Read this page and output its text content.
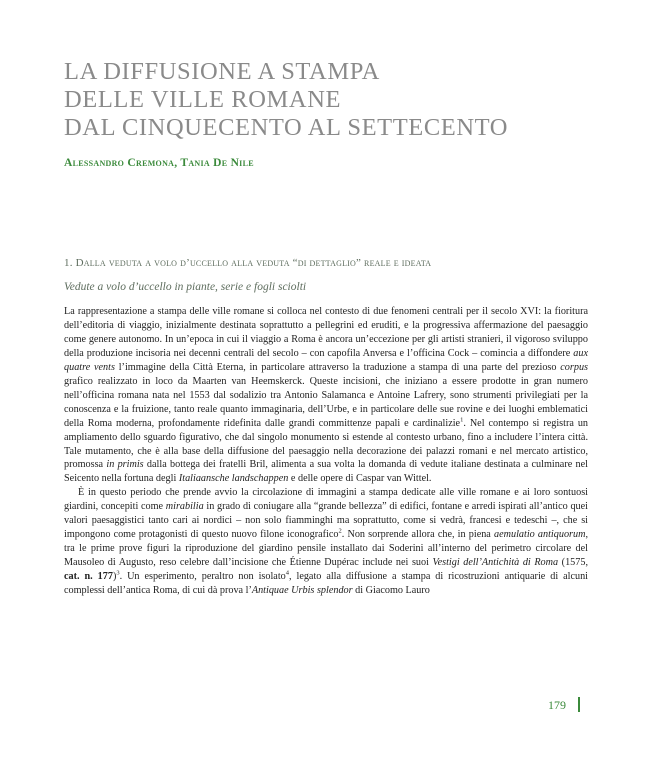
LA DIFFUSIONE A STAMPA
DELLE VILLE ROMANE
DAL CINQUECENTO AL SETTECENTO
Alessandro Cremona, Tania De Nile
1. Dalla veduta a volo d’uccello alla veduta “di dettaglio” reale e ideata
Vedute a volo d’uccello in piante, serie e fogli sciolti

La rappresentazione a stampa delle ville romane si colloca nel contesto di due fenomeni centrali per il secolo XVI: la fioritura dell’editoria di viaggio, inizialmente destinata soprattutto a pellegrini ed eruditi, e la progressiva affermazione del paesaggio come genere autonomo. In un’epoca in cui il viaggio a Roma è ancora un’eccezione per gli artisti stranieri, il vigoroso sviluppo della produzione incisoria nei decenni centrali del secolo – con capofila Anversa e l’officina Cock – comincia a diffondere aux quatre vents l’immagine della Città Eterna, in particolare attraverso la traduzione a stampa di una parte del prezioso corpus grafico realizzato in loco da Maarten van Heemskerck. Queste incisioni, che iniziano a essere prodotte in gran numero nell’officina romana nata nel 1553 dal sodalizio tra Antonio Salamanca e Antoine Lafrery, sono strumenti privilegiati per la conoscenza e la fruizione, tanto reale quanto immaginaria, dell’Urbe, e in particolare delle sue rovine e dei luoghi emblematici della Roma moderna, profondamente ridefinita dalle grandi committenze papali e cardinalizie$^1$. Nel contempo si registra un ampliamento dello sguardo figurativo, che dal singolo monumento si estende al contesto urbano, fino a includere l’intera città. Tale mutamento, che è alla base della diffusione del paesaggio nella decorazione dei palazzi romani e nel mercato artistico, promossa in primis dalla bottega dei fratelli Bril, alimenta a sua volta la domanda di vedute italiane destinata a culminare nel Seicento nella fortuna degli Italiaansche landschappen e delle opere di Caspar van Wittel.

È in questo periodo che prende avvio la circolazione di immagini a stampa dedicate alle ville romane e ai loro sontuosi giardini, concepiti come mirabilia in grado di coniugare alla “grande bellezza” di edifici, fontane e arredi ispirati all’antico quei valori paesaggistici tanto cari ai nordici – non solo fiamminghi ma soprattutto, come si vedrà, francesi e tedeschi –, che si impongono come protagonisti di questo nuovo filone iconografico$^2$. Non sorprende allora che, in piena aemulatio antiquorum, tra le prime prove figuri la riproduzione del giardino pensile installato dai Soderini all’interno del perimetro circolare del Mausoleo di Augusto, reso celebre dall’incisione che Étienne Dupérac include nei suoi Vestigi dell’Antichità di Roma (1575, cat. n. 177)$^3$. Un esperimento, peraltro non isolato$^4$, legato alla diffusione a stampa di ricostruzioni antiquarie di alcuni complessi dell’antica Roma, di cui dà prova l’Antiquae Urbis splendor di Giacomo Lauro

179
